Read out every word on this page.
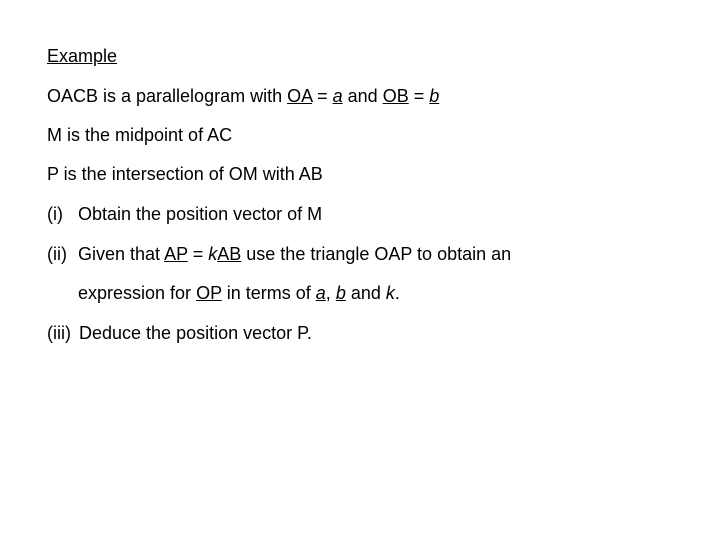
Example
OACB is a parallelogram with OA = a and OB = b
M is the midpoint of AC
P is the intersection of OM with AB
(i) Obtain the position vector of M
(ii) Given that AP = kAB use the triangle OAP to obtain an
expression for OP in terms of a, b and k.
(iii) Deduce the position vector P.
